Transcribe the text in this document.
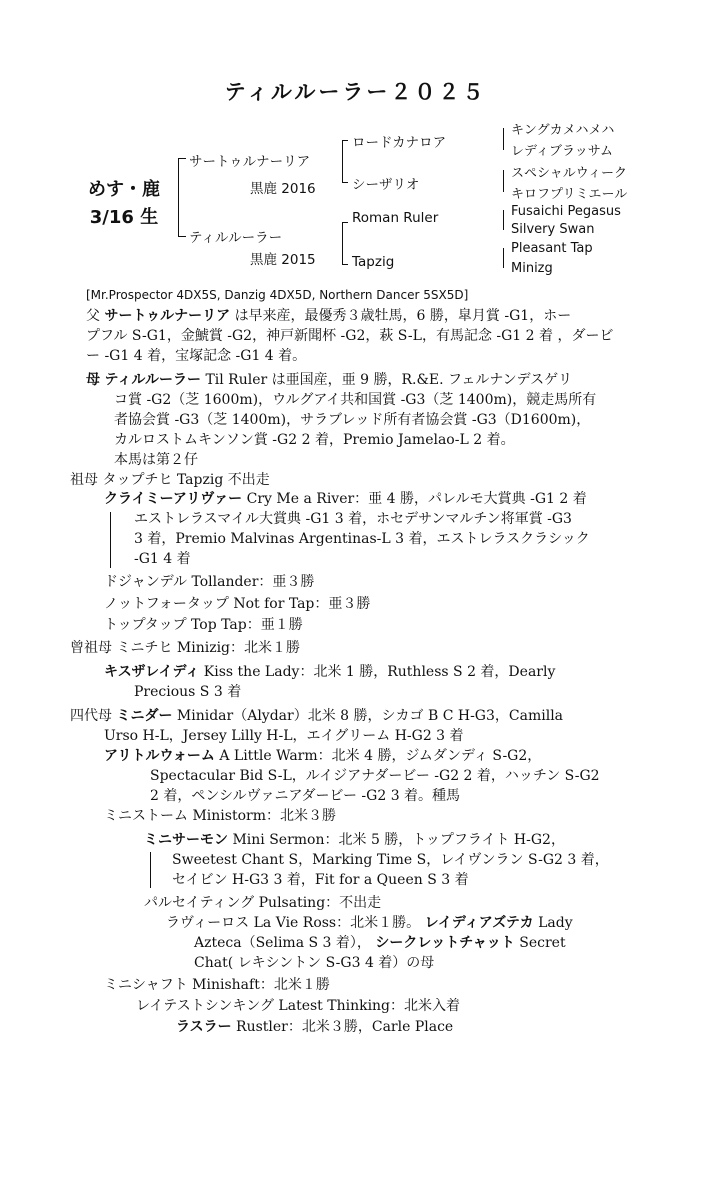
ティルルーラー２０２５
めす・鹿
3/16 生
サートゥルナーリア
黒鹿 2016
ティルルーラー
黒鹿 2015
ロードカナロア
シーザリオ
Roman Ruler
Tapzig
キングカメハメハ
レディブラッサム
スペシャルウィーク
キロフプリミエール
Fusaichi Pegasus
Silvery Swan
Pleasant Tap
Minizg
[Mr.Prospector 4DX5S, Danzig 4DX5D, Northern Dancer 5SX5D]

父 サートゥルナーリア は早来産，最優秀３歳牡馬，6 勝，皐月賞 -G1，ホー

プフル S-G1，金鯱賞 -G2，神戸新聞杯 -G2，萩 S-L，有馬記念 -G1 2 着 ，ダービ

ー -G1 4 着，宝塚記念 -G1 4 着。

母 ティルルーラー Til Ruler は亜国産，亜 9 勝，R.&E. フェルナンデスゲリ

コ賞 -G2（芝 1600m)，ウルグアイ共和国賞 -G3（芝 1400m)，競走馬所有

者協会賞 -G3（芝 1400m)，サラブレッド所有者協会賞 -G3（D1600m)，

カルロストムキンソン賞 -G2 2 着，Premio Jamelao-L 2 着。

本馬は第２仔

祖母 タップチヒ Tapzig 不出走

クライミーアリヴァー Cry Me a River：亜 4 勝，パレルモ大賞典 -G1 2 着

エストレラスマイル大賞典 -G1 3 着，ホセデサンマルチン将軍賞 -G3

3 着，Premio Malvinas Argentinas-L 3 着，エストレラスクラシック

-G1 4 着

ドジャンデル Tollander：亜３勝
ノットフォータップ Not for Tap：亜３勝
トップタップ Top Tap：亜１勝
曾祖母 ミニチヒ Minizig：北米１勝

キスザレイディ Kiss the Lady：北米 1 勝，Ruthless S 2 着，Dearly

Precious S 3 着

四代母 ミニダー Minidar（Alydar）北米 8 勝，シカゴ B C H-G3，Camilla

Urso H-L，Jersey Lilly H-L，エイグリーム H-G2 3 着

アリトルウォーム A Little Warm：北米 4 勝，ジムダンディ S-G2，

Spectacular Bid S-L，ルイジアナダービー -G2 2 着，ハッチン S-G2

2 着，ペンシルヴァニアダービー -G2 3 着。種馬

ミニストーム Ministorm：北米３勝

ミニサーモン Mini Sermon：北米 5 勝，トップフライト H-G2，

Sweetest Chant S，Marking Time S，レイヴンラン S-G2 3 着，

セイビン H-G3 3 着，Fit for a Queen S 3 着

パルセイティング Pulsating：不出走

ラヴィーロス La Vie Ross：北米１勝。 レイディアズテカ Lady

Azteca（Selima S 3 着）， シークレットチャット Secret

Chat( レキシントン S-G3 4 着）の母

ミニシャフト Minishaft：北米１勝
レイテストシンキング Latest Thinking：北米入着
ラスラー Rustler：北米３勝，Carle Place
